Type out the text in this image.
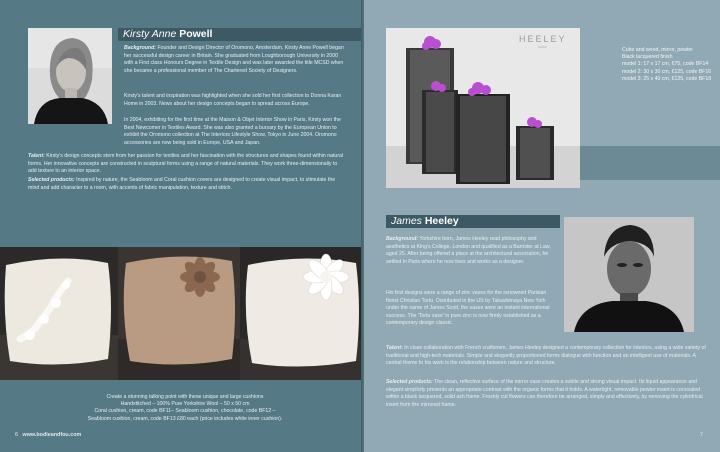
Kirsty Anne Powell

Background: Founder and Design Director of Oromono, Amsterdam, Kirsty Anne Powell began her successful design career in Britain. She graduated from Loughborough University in 2000 with a First class Honours Degree in Textile Design and was later awarded the title MCSD when she became a professional member of The Chartered Society of Designers.

Kirsty's talent and inspiration was highlighted when she sold her first collection to Donna Karan Home in 2003. News about her design concepts began to spread across Europe.

In 2004, exhibiting for the first time at the Maison & Objet Interior Show in Paris, Kirsty won the Best Newcomer in Textiles Award. She was also granted a bursary by the European Union to exhibit the Oromono collection at The Interiors Lifestyle Show, Tokyo in June 2004. Oromono accessories are now being sold in Europe, USA and Japan.

Talent: Kirsty's design concepts stem from her passion for textiles and her fascination with the structures and shapes found within natural forms. Her innovative concepts are constructed in sculptural forms using a range of natural materials. They work three-dimensionally to add texture to an interior space.

Selected products: Inspired by nature, the Seabloom and Coral cushion covers are designed to create visual impact, to stimulate the mind and add character to a room, with accents of fabric manipulation, texture and stitch.

Create a stunning talking point with these unique and large cushions
Handstitched – 100% Pure Yorkshire Wool – 50 x 50 cm
Coral cushion, cream, code BF11– Seabloom cushion, chocolate, code BF12 –
Seabloom cushion, cream, code BF13 £80 each (price includes white inner cushion).
6 www.bodieandfou.com
HEELEY
PARIS	Cube and wood, mirror, pewter
Black lacquered finish
model 1: 17 x 17 cm, €75, code BF14
model 2: 30 x 30 cm, €125, code BF16
model 3: 25 x 40 cm, €125, code BF18
James Heeley

Background: Yorkshire born, James Heeley read philosophy and aesthetics at King's College, London and qualified as a Barrister at Law, aged 25. After being offered a place at the architectural association, he settled in Paris where he now lives and works as a designer.

His first designs were a range of zinc vases for the renowned Parisian florist Christian Tortu. Distributed in the US by Takashimaya New York under the name of James Scott, the vases were an instant international success. The 'Tortu vase' in pure zinc is now firmly established as a contemporary design classic.

Talent: In close collaboration with French craftsmen, James Heeley designed a contemporary collection for interiors, using a wide variety of traditional and high-tech materials. Simple and elegantly proportioned forms dialogue with function and an intelligent use of materials. A central theme to his work is the relationship between nature and structure.

Selected products: The clean, reflective surface of the mirror vase creates a subtle and strong visual impact. Its liquid appearance and elegant simplicity presents an appropriate contrast with the organic forms that it holds. A watertight, removable pewter insert is concealed within a black lacquered, solid ash frame. Freshly cut flowers can therefore be arranged, simply and effectively, by removing the cylindrical insert from the mirrored frame.

7
